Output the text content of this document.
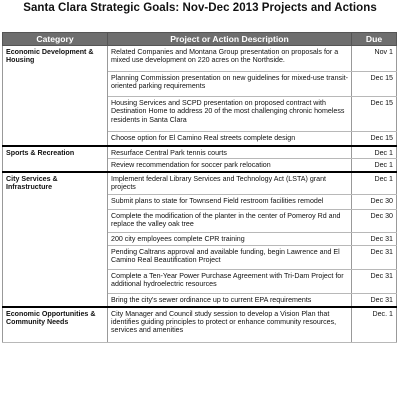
Santa Clara Strategic Goals: Nov-Dec 2013 Projects and Actions
Category	Project or Action Description	Due
Economic Development & Housing	Related Companies and Montana Group presentation on proposals for a mixed use development on 220 acres on the Northside.	Nov 1
	Planning Commission presentation on new guidelines for mixed-use transit-oriented parking requirements	Dec 15
	Housing Services and SCPD presentation on proposed contract with Destination Home to address 20 of the most challenging chronic homeless residents in Santa Clara	Dec 15
	Choose option for El Camino Real streets complete design	Dec 15
Sports & Recreation	Resurface Central Park tennis courts	Dec 1
	Review recommendation for soccer park relocation	Dec 1
City Services & Infrastructure	Implement federal Library Services and Technology Act (LSTA) grant projects	Dec 1
	Submit plans to state for Townsend Field restroom facilities remodel	Dec 30
	Complete the modification of the planter in the center of Pomeroy Rd and replace the valley oak tree	Dec 30
	200 city employees complete CPR training	Dec 31
	Pending Caltrans approval and available funding, begin Lawrence and El Camino Real Beautification Project	Dec 31
	Complete a Ten-Year Power Purchase Agreement with Tri-Dam Project for additional hydroelectric resources	Dec 31
	Bring the city's sewer ordinance up to current EPA requirements	Dec 31
Economic Opportunities & Community Needs	City Manager and Council study session to develop a Vision Plan that identifies guiding principles to protect or enhance community resources, services and amenities	Dec. 1
